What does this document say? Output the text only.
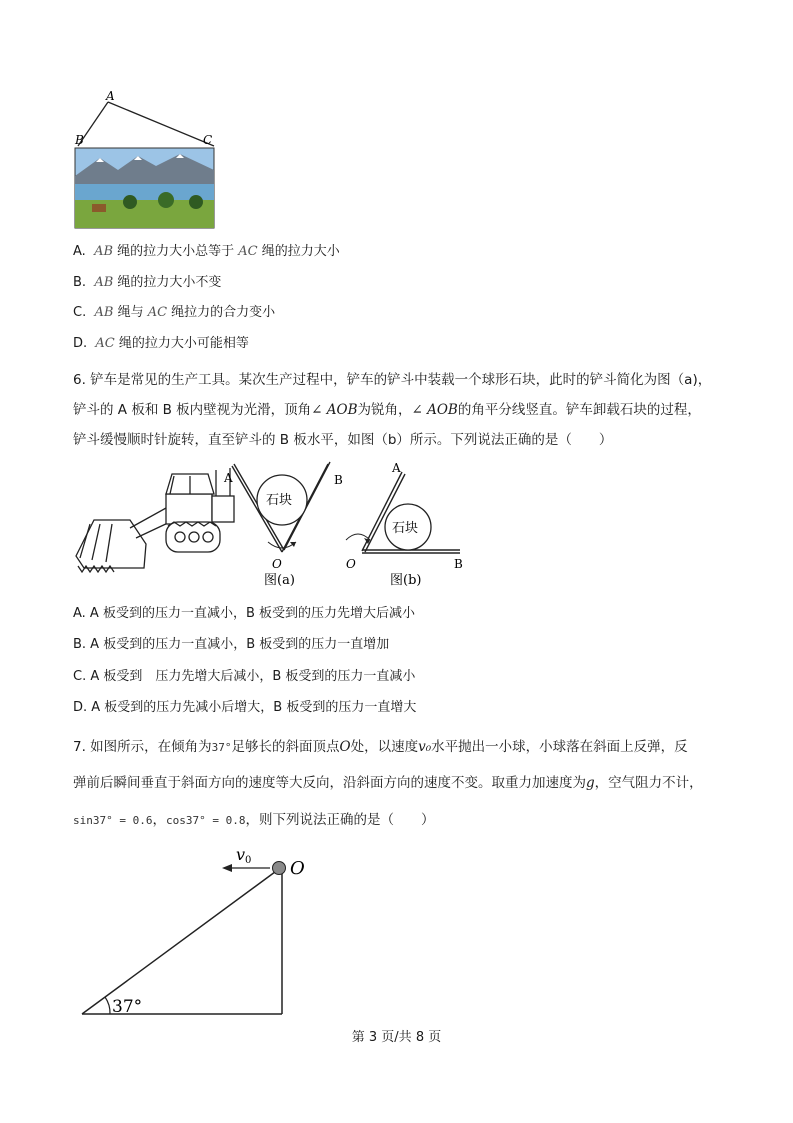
A
B	C
A. AB 绳的拉力大小总等于 AC 绳的拉力大小
B. AB 绳的拉力大小不变
C. AB 绳与 AC 绳拉力的合力变小
D. AC 绳的拉力大小可能相等
6. 铲车是常见的生产工具。某次生产过程中，铲车的铲斗中装载一个球形石块，此时的铲斗简化为图（a)，
铲斗的 A 板和 B 板内壁视为光滑，顶角∠ AOB为锐角，∠ AOB的角平分线竖直。铲车卸载石块的过程，
铲斗缓慢顺时针旋转，直至铲斗的 B 板水平，如图（b）所示。下列说法正确的是（　　）
A	B
石块
O
图(a)
A
B
石块
O
图(b)
A. A 板受到的压力一直减小，B 板受到的压力先增大后减小
B. A 板受到的压力一直减小，B 板受到的压力一直增加
C. A 板受到　压力先增大后减小，B 板受到的压力一直减小
D. A 板受到的压力先减小后增大，B 板受到的压力一直增大
7. 如图所示，在倾角为37°足够长的斜面顶点O处，以速度v₀水平抛出一小球，小球落在斜面上反弹，反
弹前后瞬间垂直于斜面方向的速度等大反向，沿斜面方向的速度不变。取重力加速度为g，空气阻力不计，
sin37° = 0.6，cos37° = 0.8，则下列说法正确的是（　　）
37°
v0 O
第 3 页/共 8 页
